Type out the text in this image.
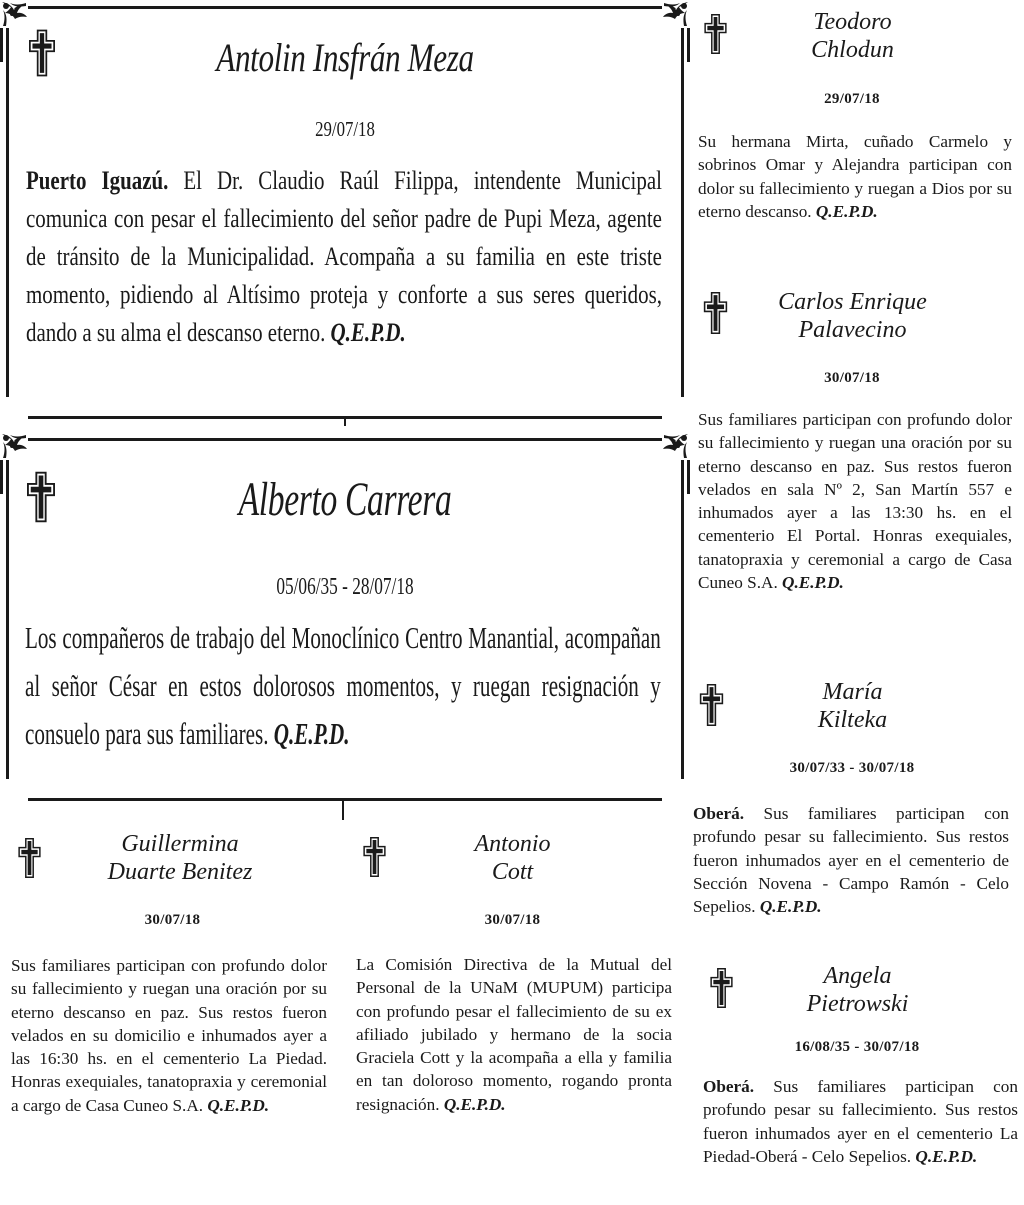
Antolin Insfrán Meza
29/07/18
Puerto Iguazú. El Dr. Claudio Raúl Filippa, intendente Municipal comunica con pesar el fallecimiento del señor padre de Pupi Meza, agente de tránsito de la Municipalidad. Acompaña a su familia en este triste momento, pidiendo al Altísimo proteja y conforte a sus seres queridos, dando a su alma el descanso eterno. Q.E.P.D.
Alberto Carrera
05/06/35 - 28/07/18
Los compañeros de trabajo del Monoclínico Centro Manantial, acompañan al señor César en estos dolorosos momentos, y ruegan resignación y consuelo para sus familiares. Q.E.P.D.
Guillermina
Duarte Benitez
30/07/18
Sus familiares participan con profundo dolor su fallecimiento y ruegan una oración por su eterno descanso en paz. Sus restos fueron velados en su domicilio e inhumados ayer a las 16:30 hs. en el cementerio La Piedad. Honras exequiales, tanatopraxia y ceremonial a cargo de Casa Cuneo S.A. Q.E.P.D.
Antonio
Cott
30/07/18
La Comisión Directiva de la Mutual del Personal de la UNaM (MUPUM) participa con profundo pesar el fallecimiento de su ex afiliado jubilado y hermano de la socia Graciela Cott y la acompaña a ella y familia en tan doloroso momento, rogando pronta resignación. Q.E.P.D.
Teodoro
Chlodun
29/07/18
Su hermana Mirta, cuñado Carmelo y sobrinos Omar y Alejandra participan con dolor su fallecimiento y ruegan a Dios por su eterno descanso. Q.E.P.D.
Carlos Enrique
Palavecino
30/07/18
Sus familiares participan con profundo dolor su fallecimiento y ruegan una oración por su eterno descanso en paz. Sus restos fueron velados en sala Nº 2, San Martín 557 e inhumados ayer a las 13:30 hs. en el cementerio El Portal. Honras exequiales, tanatopraxia y ceremonial a cargo de Casa Cuneo S.A. Q.E.P.D.
María
Kilteka
30/07/33 - 30/07/18
Oberá. Sus familiares participan con profundo pesar su fallecimiento. Sus restos fueron inhumados ayer en el cementerio de Sección Novena - Campo Ramón - Celo Sepelios. Q.E.P.D.
Angela
Pietrowski
16/08/35 - 30/07/18
Oberá. Sus familiares participan con profundo pesar su fallecimiento. Sus restos fueron inhumados ayer en el cementerio La Piedad-Oberá - Celo Sepelios. Q.E.P.D.
